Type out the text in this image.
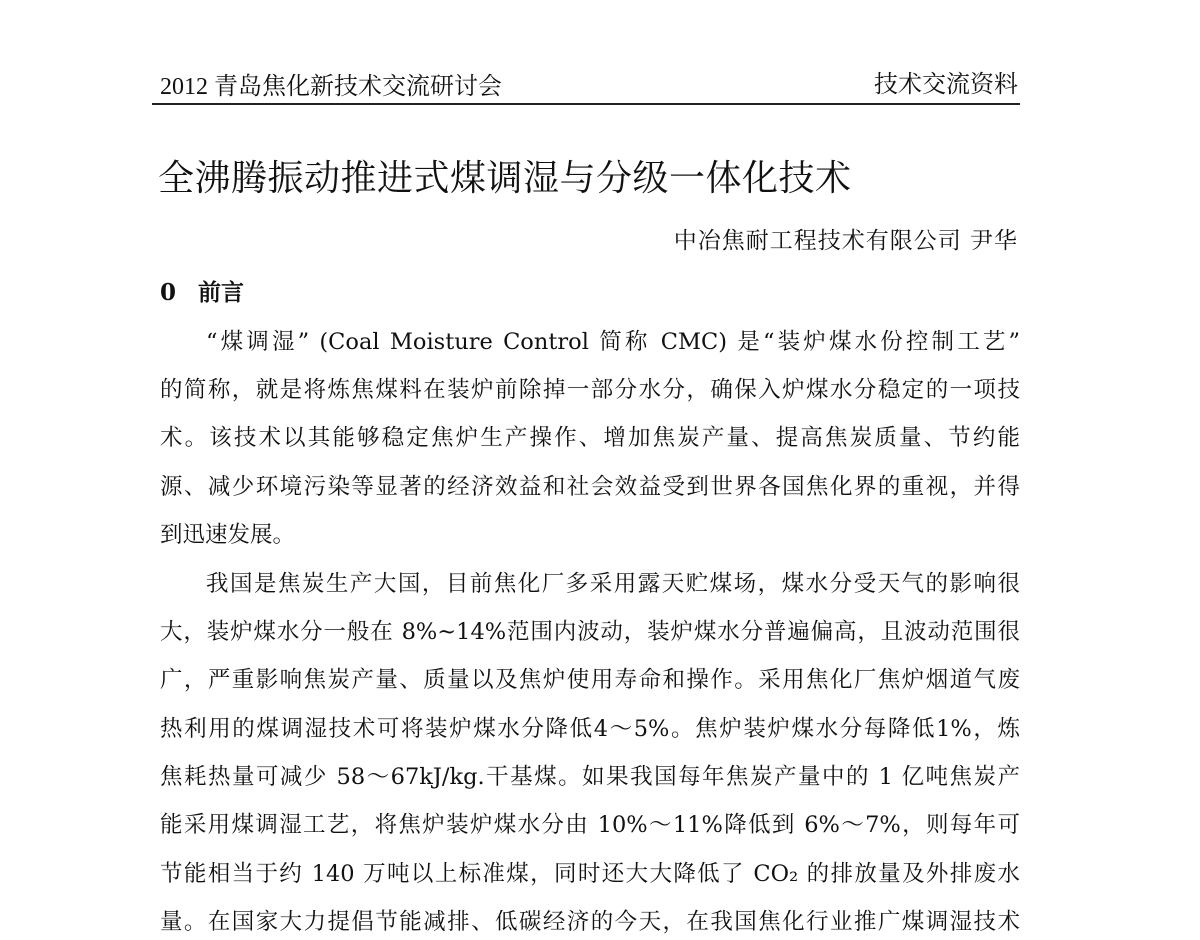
2012 青岛焦化新技术交流研讨会	技术交流资料
全沸腾振动推进式煤调湿与分级一体化技术
中冶焦耐工程技术有限公司 尹华
0 前言
“煤调湿” (Coal Moisture Control 简称 CMC) 是“装炉煤水份控制工艺”
的简称，就是将炼焦煤料在装炉前除掉一部分水分，确保入炉煤水分稳定的一项技
术。该技术以其能够稳定焦炉生产操作、增加焦炭产量、提高焦炭质量、节约能
源、减少环境污染等显著的经济效益和社会效益受到世界各国焦化界的重视，并得
到迅速发展。
我国是焦炭生产大国，目前焦化厂多采用露天贮煤场，煤水分受天气的影响很
大，装炉煤水分一般在 8%~14%范围内波动，装炉煤水分普遍偏高，且波动范围很
广，严重影响焦炭产量、质量以及焦炉使用寿命和操作。采用焦化厂焦炉烟道气废
热利用的煤调湿技术可将装炉煤水分降低4～5%。焦炉装炉煤水分每降低1%，炼
焦耗热量可减少 58～67kJ/kg.干基煤。如果我国每年焦炭产量中的 1 亿吨焦炭产
能采用煤调湿工艺，将焦炉装炉煤水分由 10%～11%降低到 6%～7%，则每年可
节能相当于约 140 万吨以上标准煤，同时还大大降低了 CO₂ 的排放量及外排废水
量。在国家大力提倡节能减排、低碳经济的今天，在我国焦化行业推广煤调湿技术
